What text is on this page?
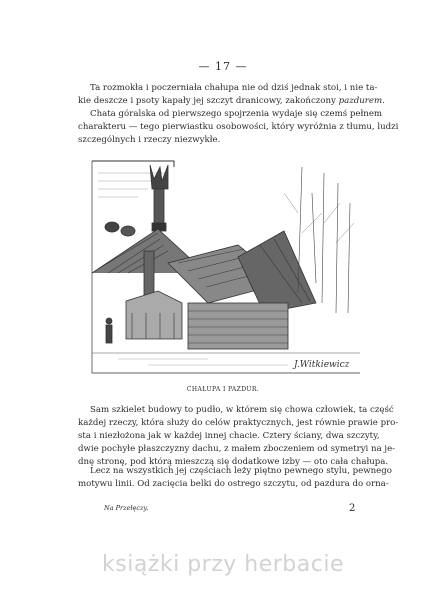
— 17 —

Ta rozmokła i poczerniała chałupa nie od dziś jednak stoi, i nie ta-
kie deszcze i psoty kapały jej szczyt dranicowy, zakończony pazdurem.

Chata góralska od pierwszego spojrzenia wydaje się czemś pełnem
charakteru — tego pierwiastku osobowości, który wyróżnia z tłumu, ludzi
szczególnych i rzeczy niezwykłe.

J.Witkiewicz
CHAŁUPA I PAZDUR.

Sam szkielet budowy to pudło, w którem się chowa człowiek, ta część
każdej rzeczy, która służy do celów praktycznych, jest równie prawie pro-
sta i niezłożona jak w każdej innej chacie. Cztery ściany, dwa szczyty,
dwie pochyłe płaszczyzny dachu, z małem zboczeniem od symetryi na je-
dnę stronę, pod którą mieszczą się dodatkowe izby — oto cała chałupa.

Lecz na wszystkich jej częściach leży piętno pewnego stylu, pewnego
motywu linii. Od zacięcia belki do ostrego szczytu, od pazdura do orna-

Na Przełęczy.	2
książki przy herbacie
